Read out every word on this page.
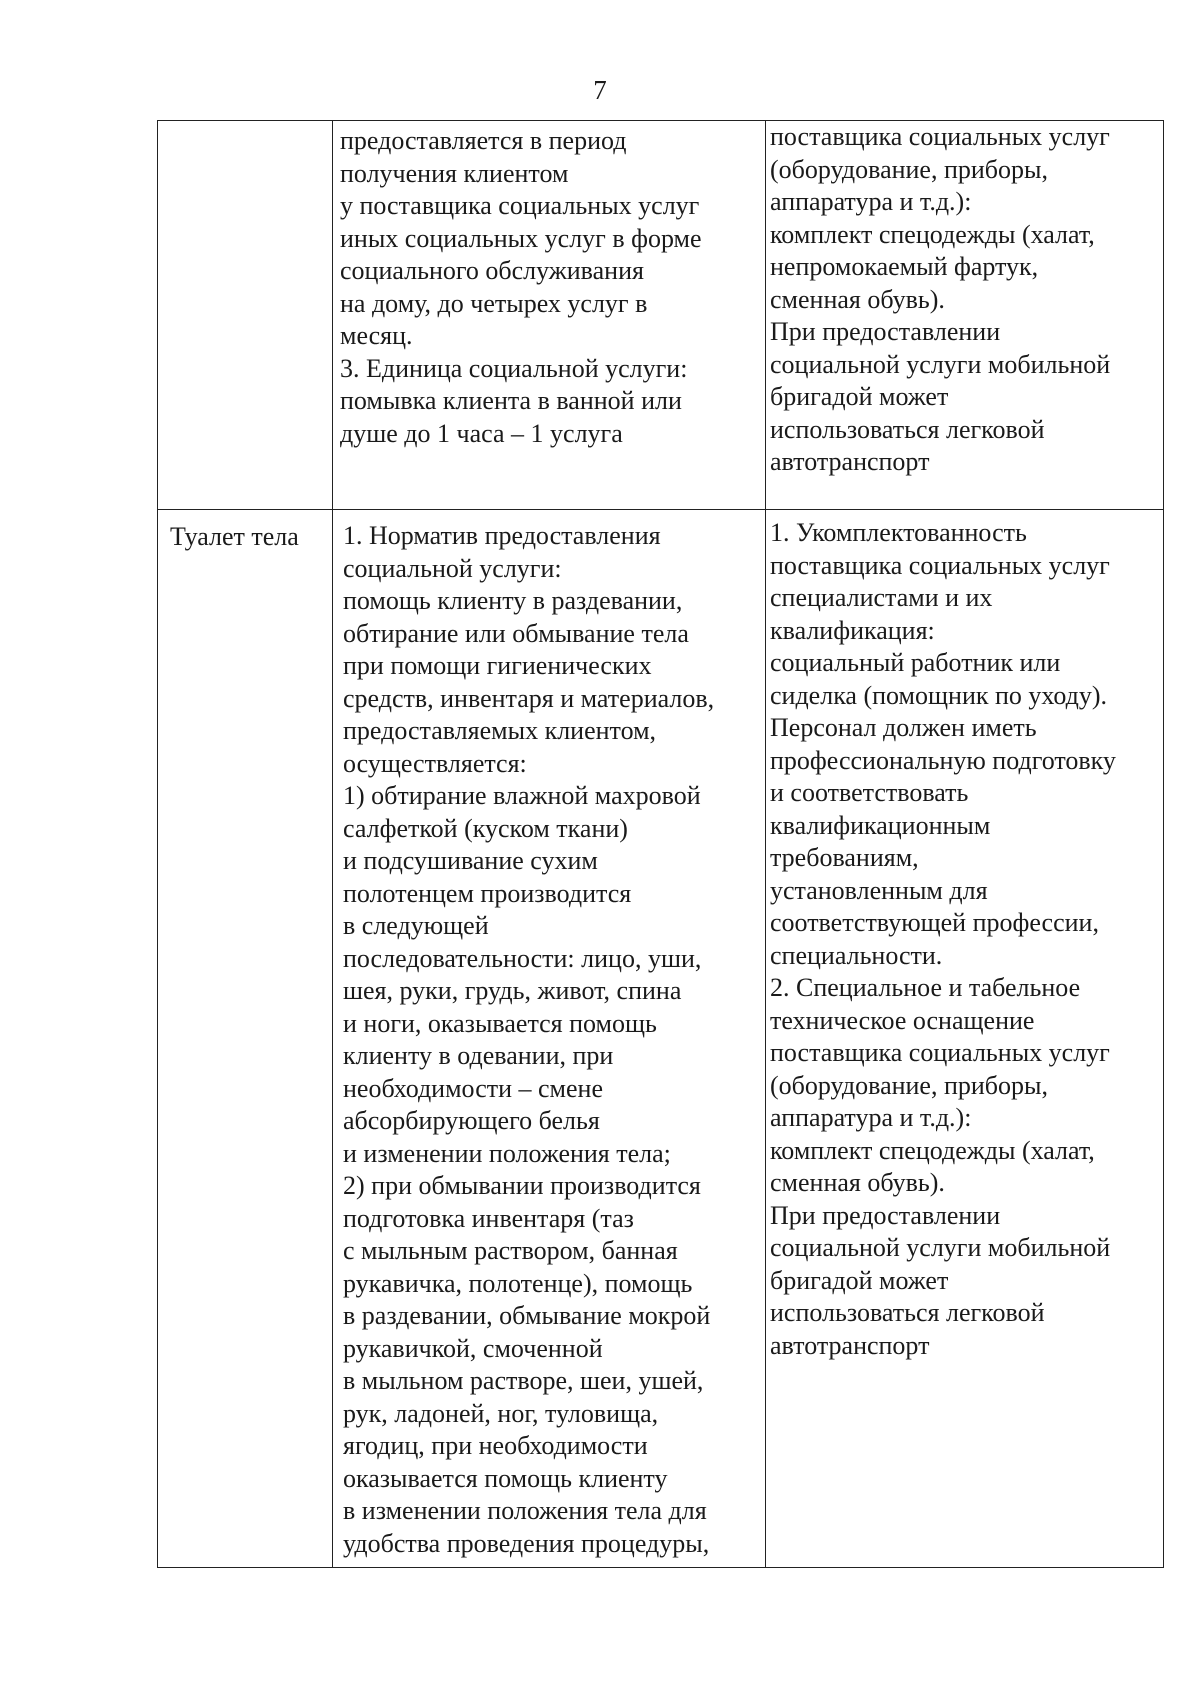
7
предоставляется в период
получения клиентом
у поставщика социальных услуг
иных социальных услуг в форме
социального обслуживания
на дому, до четырех услуг в
месяц.
3. Единица социальной услуги:
помывка клиента в ванной или
душе до 1 часа – 1 услуга
поставщика социальных услуг
(оборудование, приборы,
аппаратура и т.д.):
комплект спецодежды (халат,
непромокаемый фартук,
сменная обувь).
При предоставлении
социальной услуги мобильной
бригадой может
использоваться легковой
автотранспорт
Туалет тела	1. Норматив предоставления
социальной услуги:
помощь клиенту в раздевании,
обтирание или обмывание тела
при помощи гигиенических
средств, инвентаря и материалов,
предоставляемых клиентом,
осуществляется:
1) обтирание влажной махровой
салфеткой (куском ткани)
и подсушивание сухим
полотенцем производится
в следующей
последовательности: лицо, уши,
шея, руки, грудь, живот, спина
и ноги, оказывается помощь
клиенту в одевании, при
необходимости – смене
абсорбирующего белья
и изменении положения тела;
2) при обмывании производится
подготовка инвентаря (таз
с мыльным раствором, банная
рукавичка, полотенце), помощь
в раздевании, обмывание мокрой
рукавичкой, смоченной
в мыльном растворе, шеи, ушей,
рук, ладоней, ног, туловища,
ягодиц, при необходимости
оказывается помощь клиенту
в изменении положения тела для
удобства проведения процедуры,
1. Укомплектованность
поставщика социальных услуг
специалистами и их
квалификация:
социальный работник или
сиделка (помощник по уходу).
Персонал должен иметь
профессиональную подготовку
и соответствовать
квалификационным
требованиям,
установленным для
соответствующей профессии,
специальности.
2. Специальное и табельное
техническое оснащение
поставщика социальных услуг
(оборудование, приборы,
аппаратура и т.д.):
комплект спецодежды (халат,
сменная обувь).
При предоставлении
социальной услуги мобильной
бригадой может
использоваться легковой
автотранспорт
